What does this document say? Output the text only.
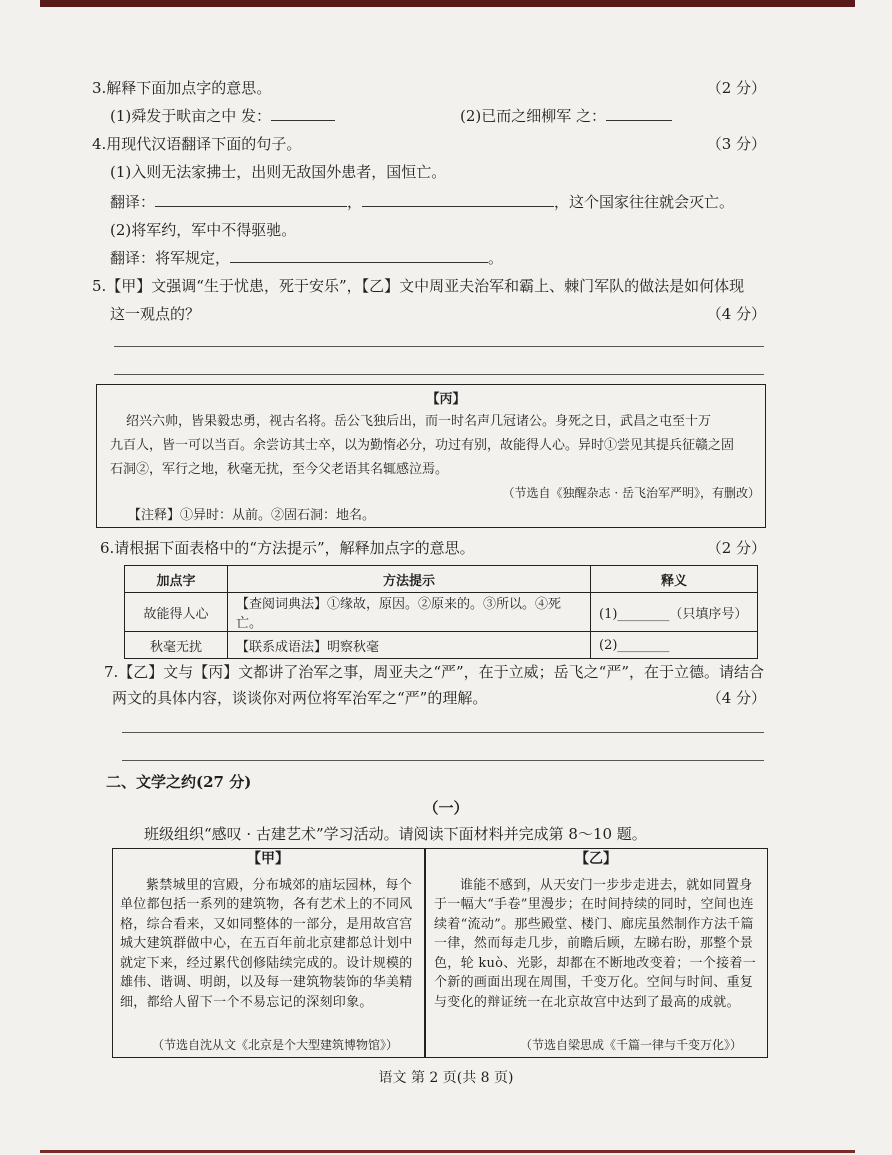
3.解释下面加点字的意思。	（2 分）
(1)舜发于畎亩之中 发：	(2)已而之细柳军 之：
4.用现代汉语翻译下面的句子。	（3 分）
(1)入则无法家拂士，出则无敌国外患者，国恒亡。
翻译：	，	，这个国家往往就会灭亡。
(2)将军约，军中不得驱驰。
翻译：将军规定，	。
5.【甲】文强调“生于忧患，死于安乐”，【乙】文中周亚夫治军和霸上、棘门军队的做法是如何体现
这一观点的？	（4 分）
【丙】
绍兴六帅，皆果毅忠勇，视古名将。岳公飞独后出，而一时名声几冠诸公。身死之日，武昌之屯至十万
九百人，皆一可以当百。余尝访其士卒，以为勤惰必分，功过有别，故能得人心。异时①尝见其提兵征赣之固
石洞②，军行之地，秋毫无扰，至今父老语其名辄感泣焉。
（节选自《独醒杂志 · 岳飞治军严明》，有删改）
【注释】①异时：从前。②固石洞：地名。
6.请根据下面表格中的“方法提示”，解释加点字的意思。	（2 分）
加点字	方法提示	释义
故能得人心	【查阅词典法】①缘故，原因。②原来的。③所以。④死亡。	(1)________（只填序号）
秋毫无扰	【联系成语法】明察秋毫	(2)________
7.【乙】文与【丙】文都讲了治军之事，周亚夫之“严”，在于立威；岳飞之“严”，在于立德。请结合
两文的具体内容，谈谈你对两位将军治军之“严”的理解。	（4 分）
二、文学之约(27 分)
（一）
班级组织“感叹 · 古建艺术”学习活动。请阅读下面材料并完成第 8～10 题。
【甲】
紫禁城里的宫殿，分布城郊的庙坛园林，每个单位都包括一系列的建筑物，各有艺术上的不同风格，综合看来，又如同整体的一部分，是用故宫宫城大建筑群做中心，在五百年前北京建都总计划中就定下来，经过累代创修陆续完成的。设计规模的雄伟、谐调、明朗，以及每一建筑物装饰的华美精细，都给人留下一个不易忘记的深刻印象。
（节选自沈从文《北京是个大型建筑博物馆》）
【乙】
谁能不感到，从天安门一步步走进去，就如同置身于一幅大“手卷”里漫步；在时间持续的同时，空间也连续着“流动”。那些殿堂、楼门、廊庑虽然制作方法千篇一律，然而每走几步，前瞻后顾，左睇右盼，那整个景色，轮 kuò、光影，却都在不断地改变着；一个接着一个新的画面出现在周围，千变万化。空间与时间、重复与变化的辩证统一在北京故宫中达到了最高的成就。
（节选自梁思成《千篇一律与千变万化》）
语文 第 2 页(共 8 页)
